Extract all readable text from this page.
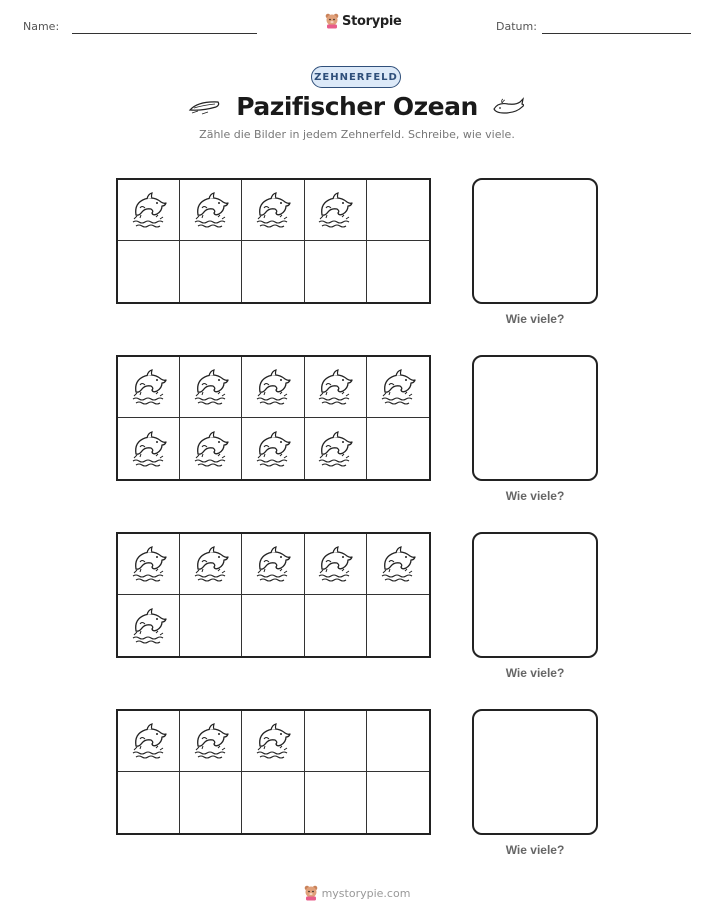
Name:	Storypie	Datum:
ZEHNERFELD
Pazifischer Ozean
Zähle die Bilder in jedem Zehnerfeld. Schreibe, wie viele.
Wie viele?
Wie viele?
Wie viele?
Wie viele?
mystorypie.com
